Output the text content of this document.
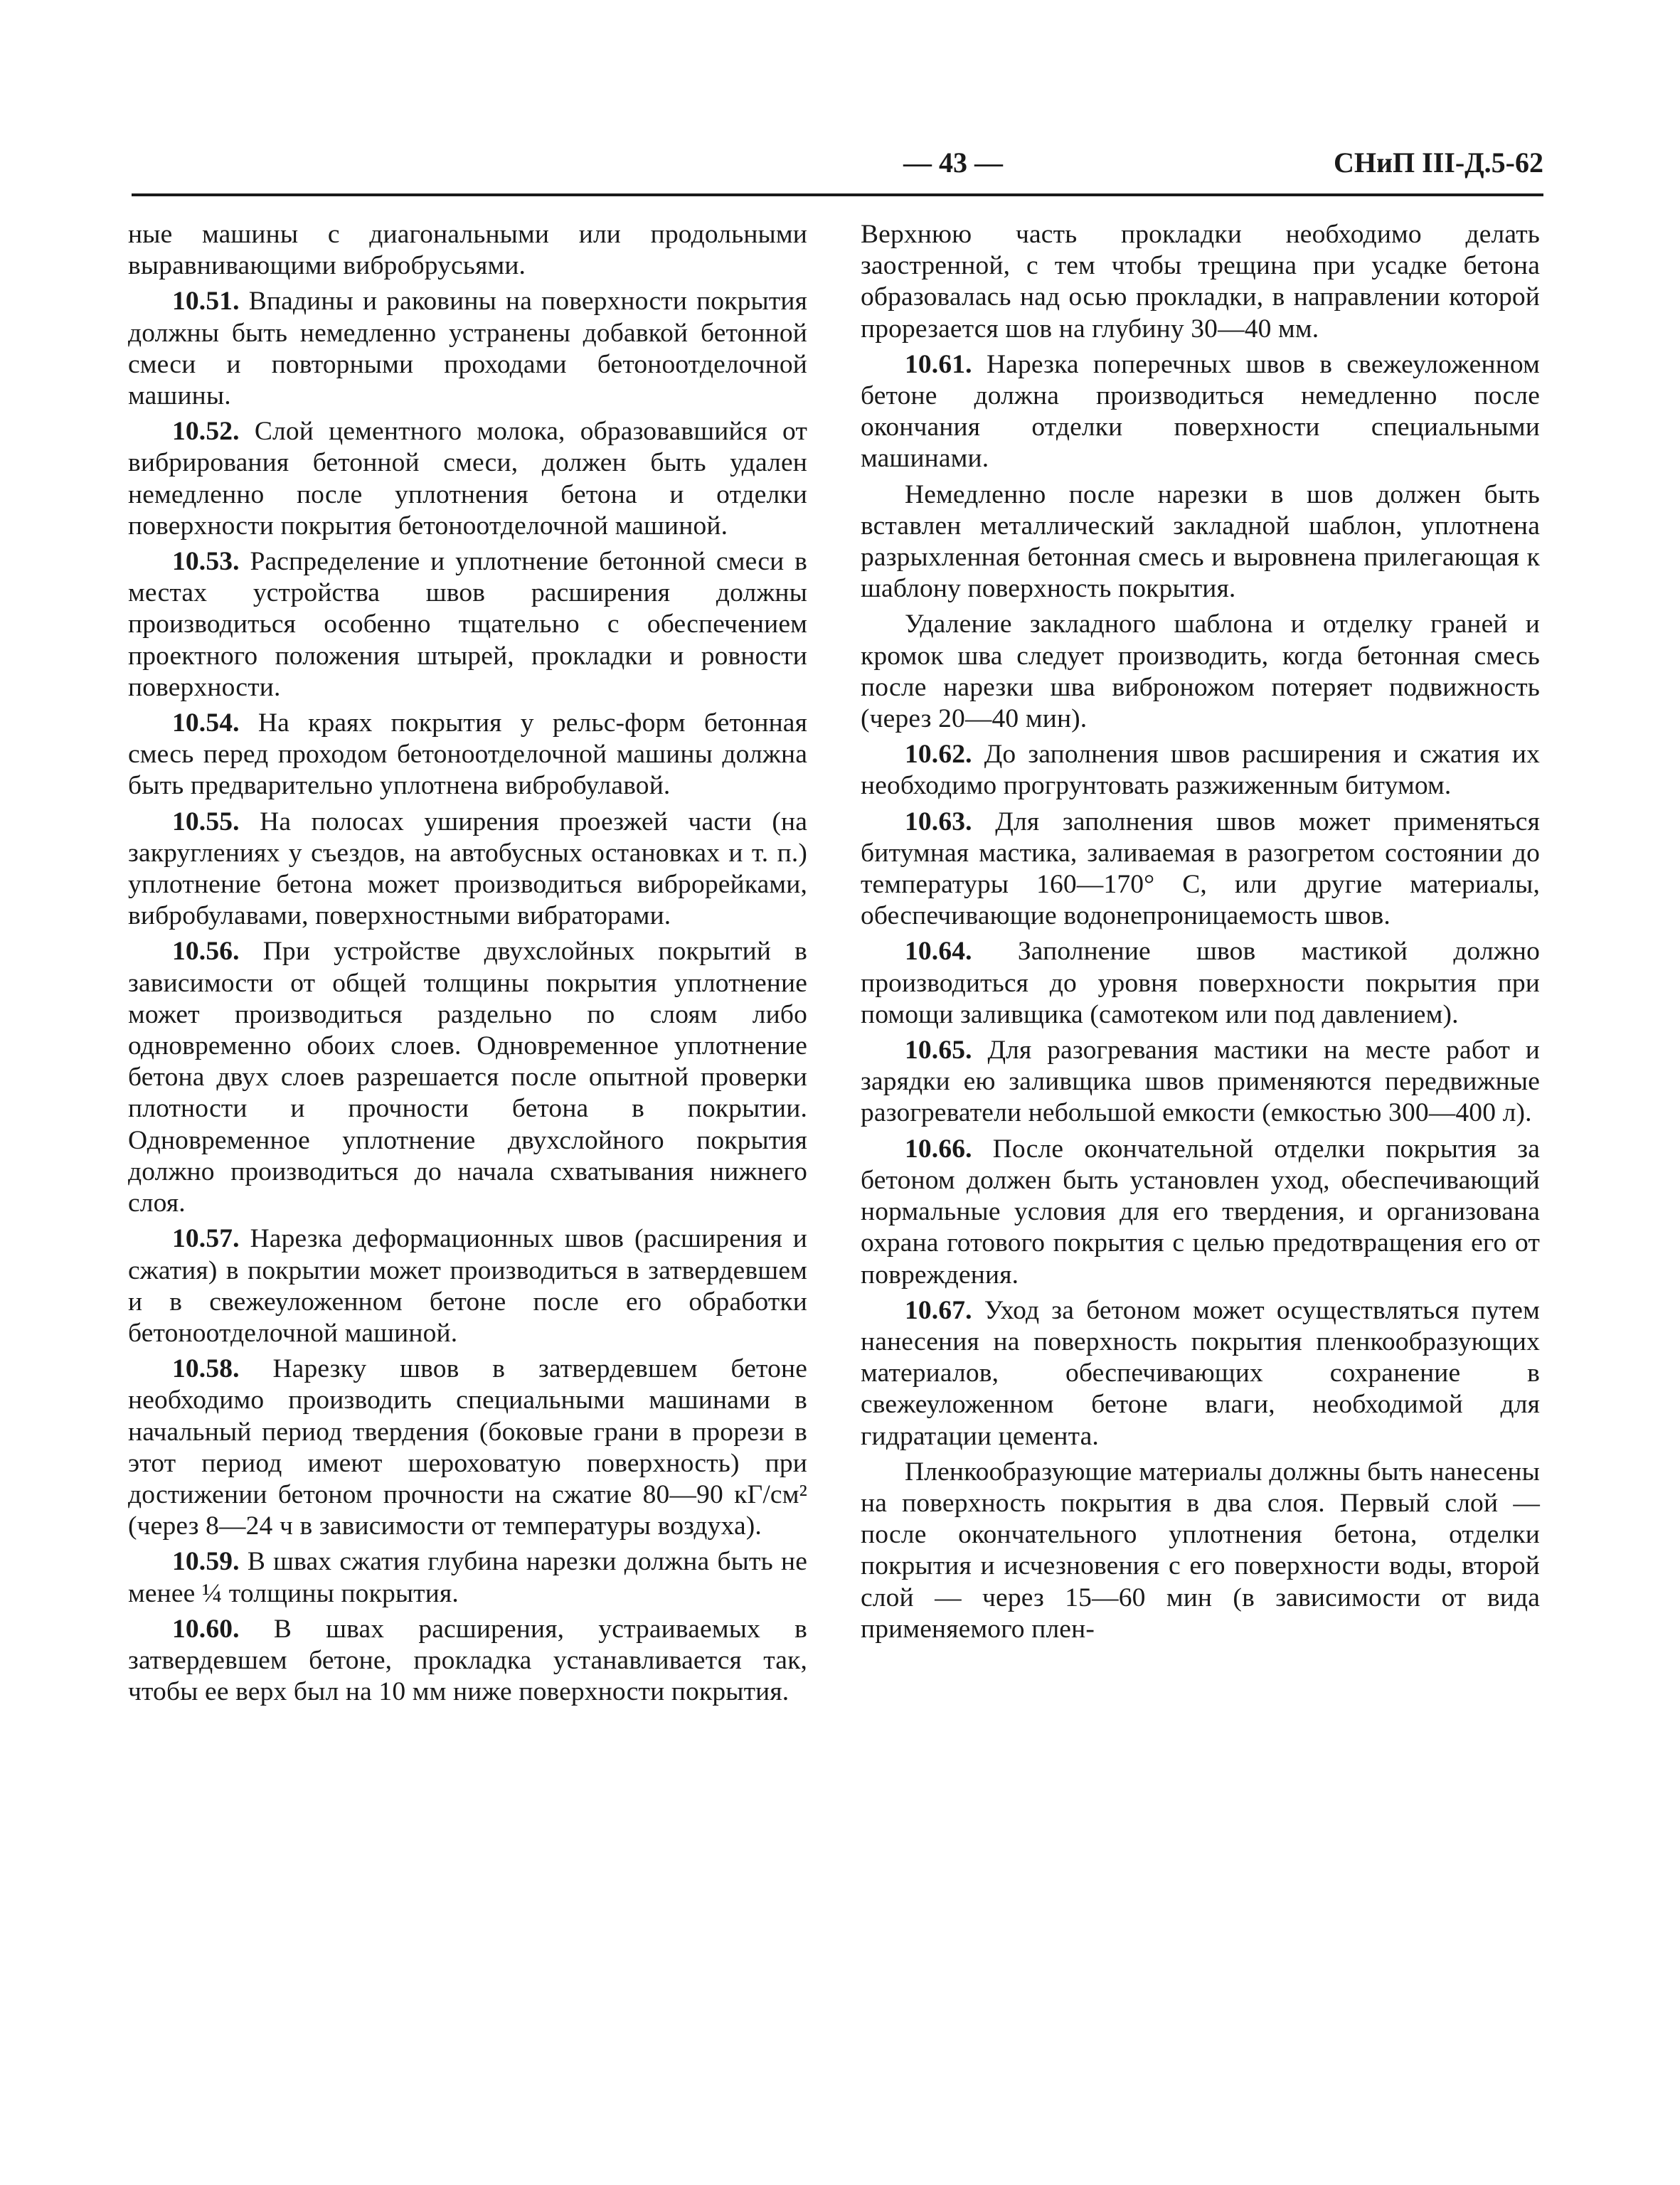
— 43 —	СНиП III-Д.5-62

ные машины с диагональными или продольными выравнивающими вибробрусьями.

10.51. Впадины и раковины на поверхности покрытия должны быть немедленно устранены добавкой бетонной смеси и повторными проходами бетоноотделочной машины.

10.52. Слой цементного молока, образовавшийся от вибрирования бетонной смеси, должен быть удален немедленно после уплотнения бетона и отделки поверхности покрытия бетоноотделочной машиной.

10.53. Распределение и уплотнение бетонной смеси в местах устройства швов расширения должны производиться особенно тщательно с обеспечением проектного положения штырей, прокладки и ровности поверхности.

10.54. На краях покрытия у рельс-форм бетонная смесь перед проходом бетоноотделочной машины должна быть предварительно уплотнена вибробулавой.

10.55. На полосах уширения проезжей части (на закруглениях у съездов, на автобусных остановках и т. п.) уплотнение бетона может производиться виброрейками, вибробулавами, поверхностными вибраторами.

10.56. При устройстве двухслойных покрытий в зависимости от общей толщины покрытия уплотнение может производиться раздельно по слоям либо одновременно обоих слоев. Одновременное уплотнение бетона двух слоев разрешается после опытной проверки плотности и прочности бетона в покрытии. Одновременное уплотнение двухслойного покрытия должно производиться до начала схватывания нижнего слоя.

10.57. Нарезка деформационных швов (расширения и сжатия) в покрытии может производиться в затвердевшем и в свежеуложенном бетоне после его обработки бетоноотделочной машиной.

10.58. Нарезку швов в затвердевшем бетоне необходимо производить специальными машинами в начальный период твердения (боковые грани в прорези в этот период имеют шероховатую поверхность) при достижении бетоном прочности на сжатие 80—90 кГ/см² (через 8—24 ч в зависимости от температуры воздуха).

10.59. В швах сжатия глубина нарезки должна быть не менее ¼ толщины покрытия.

10.60. В швах расширения, устраиваемых в затвердевшем бетоне, прокладка устанавливается так, чтобы ее верх был на 10 мм ниже поверхности покрытия.

Верхнюю часть прокладки необходимо делать заостренной, с тем чтобы трещина при усадке бетона образовалась над осью прокладки, в направлении которой прорезается шов на глубину 30—40 мм.

10.61. Нарезка поперечных швов в свежеуложенном бетоне должна производиться немедленно после окончания отделки поверхности специальными машинами.

Немедленно после нарезки в шов должен быть вставлен металлический закладной шаблон, уплотнена разрыхленная бетонная смесь и выровнена прилегающая к шаблону поверхность покрытия.

Удаление закладного шаблона и отделку граней и кромок шва следует производить, когда бетонная смесь после нарезки шва виброножом потеряет подвижность (через 20—40 мин).

10.62. До заполнения швов расширения и сжатия их необходимо прогрунтовать разжиженным битумом.

10.63. Для заполнения швов может применяться битумная мастика, заливаемая в разогретом состоянии до температуры 160—170° С, или другие материалы, обеспечивающие водонепроницаемость швов.

10.64. Заполнение швов мастикой должно производиться до уровня поверхности покрытия при помощи заливщика (самотеком или под давлением).

10.65. Для разогревания мастики на месте работ и зарядки ею заливщика швов применяются передвижные разогреватели небольшой емкости (емкостью 300—400 л).

10.66. После окончательной отделки покрытия за бетоном должен быть установлен уход, обеспечивающий нормальные условия для его твердения, и организована охрана готового покрытия с целью предотвращения его от повреждения.

10.67. Уход за бетоном может осуществляться путем нанесения на поверхность покрытия пленкообразующих материалов, обеспечивающих сохранение в свежеуложенном бетоне влаги, необходимой для гидратации цемента.

Пленкообразующие материалы должны быть нанесены на поверхность покрытия в два слоя. Первый слой — после окончательного уплотнения бетона, отделки покрытия и исчезновения с его поверхности воды, второй слой — через 15—60 мин (в зависимости от вида применяемого плен-
